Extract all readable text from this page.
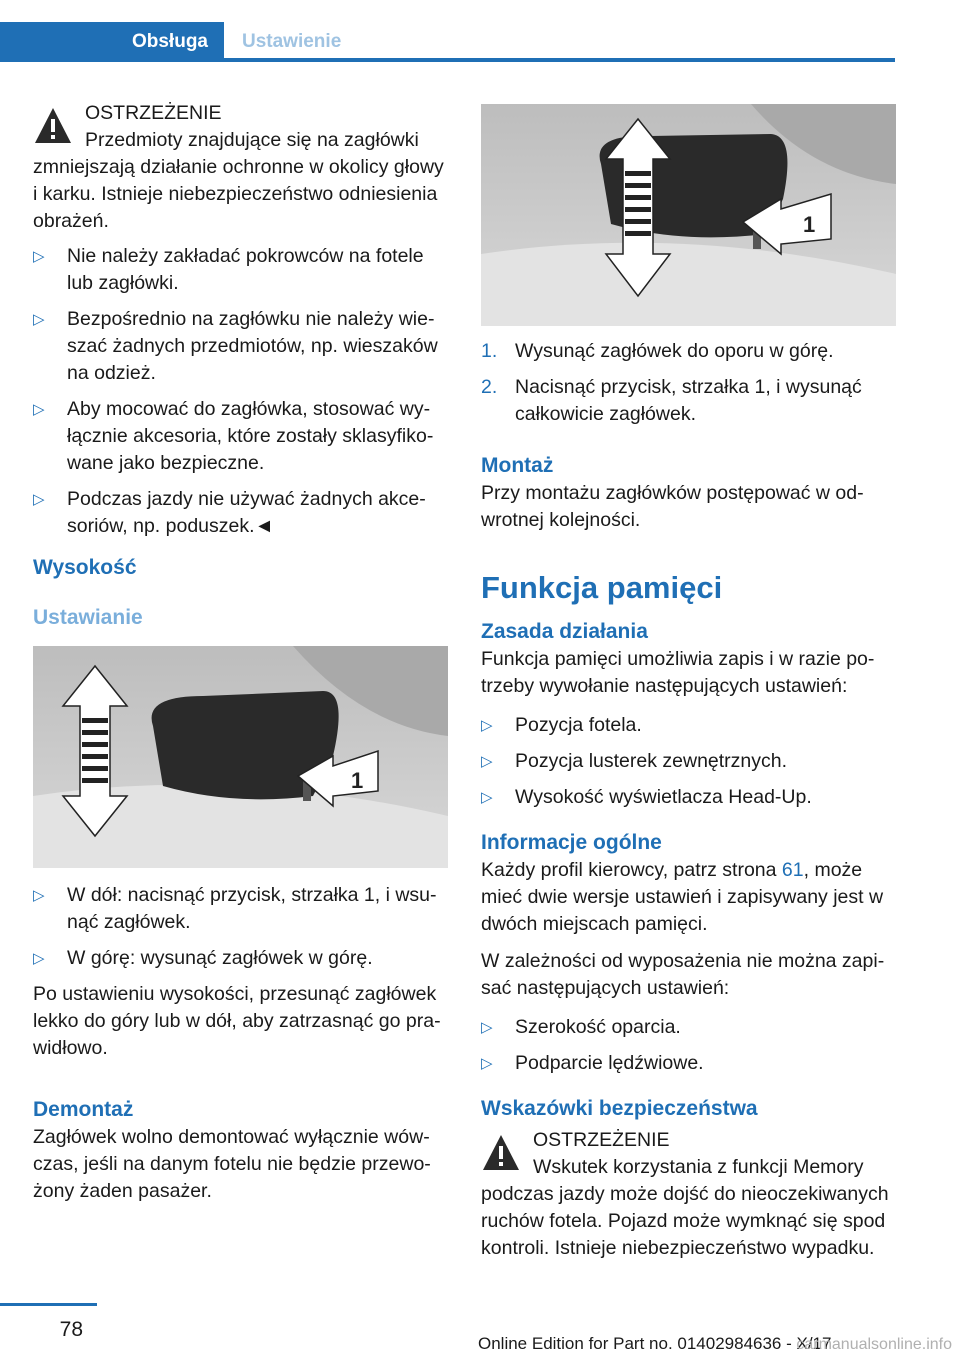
Obsługa	Ustawienie
OSTRZEŻENIE

Przedmioty znajdujące się na zagłówki zmniejszają działanie ochronne w okolicy głowy i karku. Istnieje niebezpieczeństwo odniesienia obrażeń.

▷ Nie należy zakładać pokrowców na fotele lub zagłówki.
▷ Bezpośrednio na zagłówku nie należy wieszać żadnych przedmiotów, np. wieszaków na odzież.
▷ Aby mocować do zagłówka, stosować wyłącznie akcesoria, które zostały sklasyfikowane jako bezpieczne.
▷ Podczas jazdy nie używać żadnych akcesoriów, np. poduszek.◄
Wysokość
Ustawianie
1
▷ W dół: nacisnąć przycisk, strzałka 1, i wsunąć zagłówek.
▷ W górę: wysunąć zagłówek w górę.

Po ustawieniu wysokości, przesunąć zagłówek lekko do góry lub w dół, aby zatrzasnąć go prawidłowo.

Demontaż

Zagłówek wolno demontować wyłącznie wówczas, jeśli na danym fotelu nie będzie przewożony żaden pasażer.

1
1. Wysunąć zagłówek do oporu w górę.
2. Nacisnąć przycisk, strzałka 1, i wysunąć całkowicie zagłówek.
Montaż

Przy montażu zagłówków postępować w odwrotnej kolejności.

Funkcja pamięci
Zasada działania

Funkcja pamięci umożliwia zapis i w razie potrzeby wywołanie następujących ustawień:

▷ Pozycja fotela.
▷ Pozycja lusterek zewnętrznych.
▷ Wysokość wyświetlacza Head-Up.
Informacje ogólne

Każdy profil kierowcy, patrz strona 61, może mieć dwie wersje ustawień i zapisywany jest w dwóch miejscach pamięci.

W zależności od wyposażenia nie można zapisać następujących ustawień:

▷ Szerokość oparcia.
▷ Podparcie lędźwiowe.
Wskazówki bezpieczeństwa
OSTRZEŻENIE

Wskutek korzystania z funkcji Memory podczas jazdy może dojść do nieoczekiwanych ruchów fotela. Pojazd może wymknąć się spod kontroli. Istnieje niebezpieczeństwo wypadku.

78
Online Edition for Part no. 01402984636 - X/17
carmanualsonline.info
